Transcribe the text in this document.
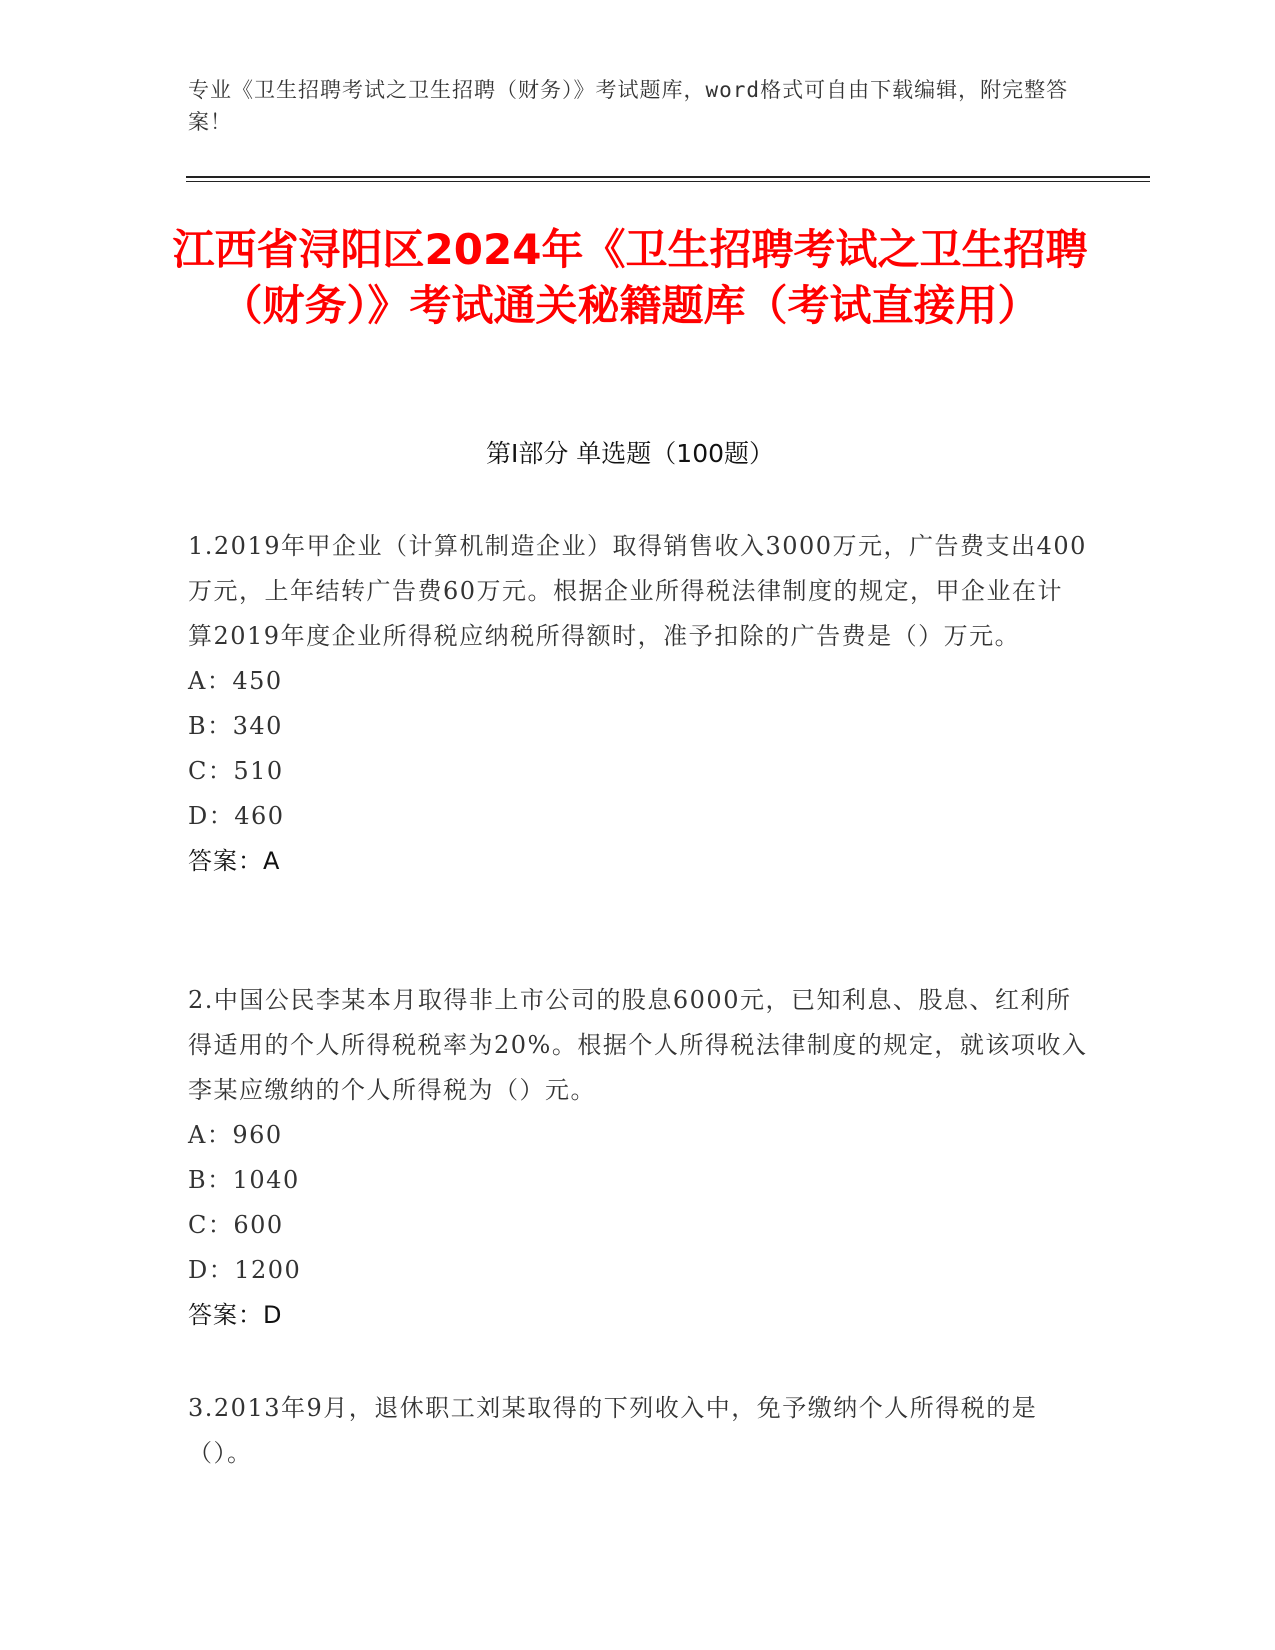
专业《卫生招聘考试之卫生招聘（财务）》考试题库，word格式可自由下载编辑，附完整答案！
江西省浔阳区2024年《卫生招聘考试之卫生招聘（财务）》考试通关秘籍题库（考试直接用）
第I部分 单选题（100题）

1.2019年甲企业（计算机制造企业）取得销售收入3000万元，广告费支出400万元，上年结转广告费60万元。根据企业所得税法律制度的规定，甲企业在计算2019年度企业所得税应纳税所得额时，准予扣除的广告费是（）万元。

A：450

B：340

C：510

D：460

答案：A

2.中国公民李某本月取得非上市公司的股息6000元，已知利息、股息、红利所得适用的个人所得税税率为20%。根据个人所得税法律制度的规定，就该项收入李某应缴纳的个人所得税为（）元。

A：960

B：1040

C：600

D：1200

答案：D

3.2013年9月，退休职工刘某取得的下列收入中，免予缴纳个人所得税的是（）。
